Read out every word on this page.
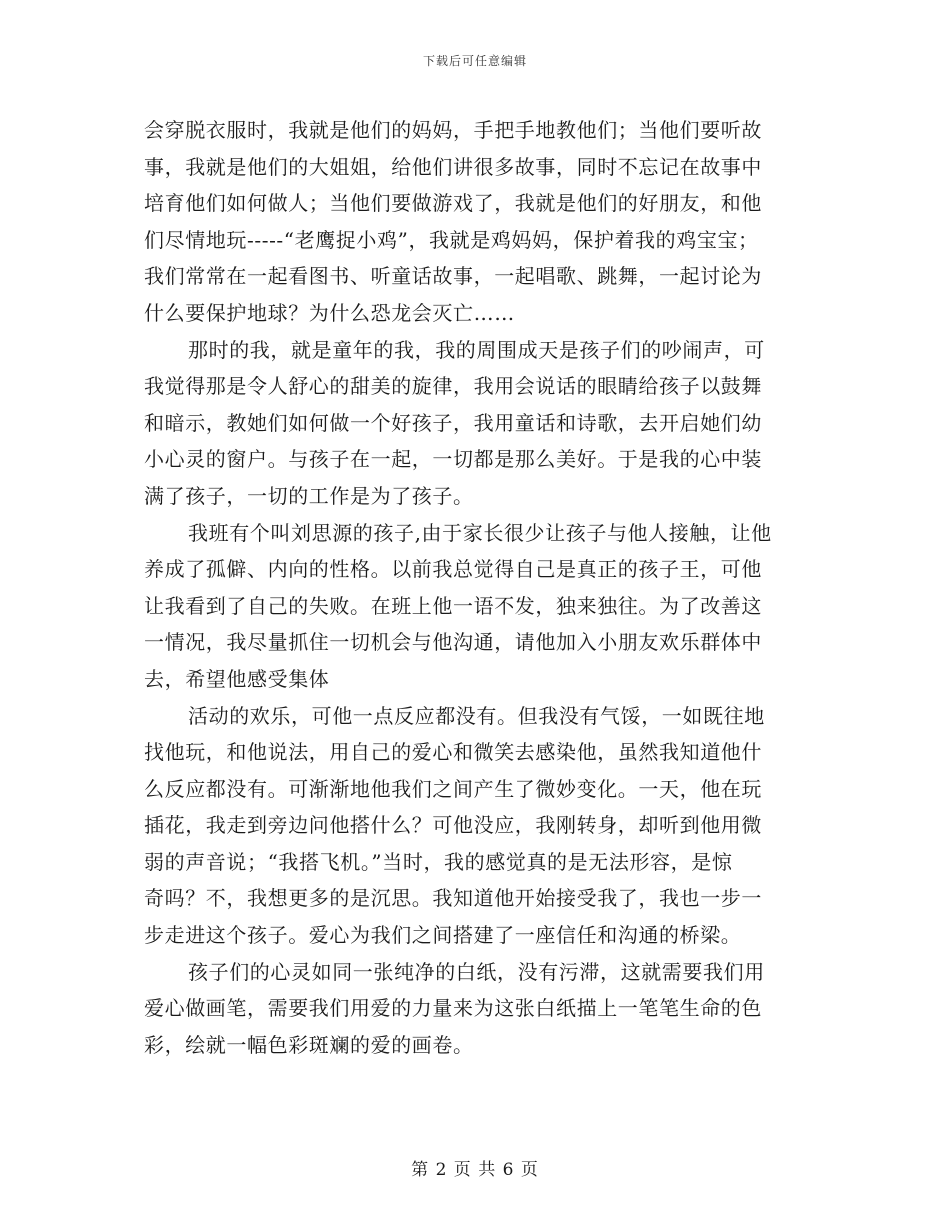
下载后可任意编辑
会穿脱衣服时，我就是他们的妈妈，手把手地教他们；当他们要听故
事，我就是他们的大姐姐，给他们讲很多故事，同时不忘记在故事中
培育他们如何做人；当他们要做游戏了，我就是他们的好朋友，和他
们尽情地玩-----“老鹰捉小鸡”，我就是鸡妈妈，保护着我的鸡宝宝；
我们常常在一起看图书、听童话故事，一起唱歌、跳舞，一起讨论为
什么要保护地球？为什么恐龙会灭亡……
那时的我，就是童年的我，我的周围成天是孩子们的吵闹声，可
我觉得那是令人舒心的甜美的旋律，我用会说话的眼睛给孩子以鼓舞
和暗示，教她们如何做一个好孩子，我用童话和诗歌，去开启她们幼
小心灵的窗户。与孩子在一起，一切都是那么美好。于是我的心中装
满了孩子，一切的工作是为了孩子。
我班有个叫刘思源的孩子,由于家长很少让孩子与他人接触，让他
养成了孤僻、内向的性格。以前我总觉得自己是真正的孩子王，可他
让我看到了自己的失败。在班上他一语不发，独来独往。为了改善这
一情况，我尽量抓住一切机会与他沟通，请他加入小朋友欢乐群体中
去，希望他感受集体
活动的欢乐，可他一点反应都没有。但我没有气馁，一如既往地
找他玩，和他说法，用自己的爱心和微笑去感染他，虽然我知道他什
么反应都没有。可渐渐地他我们之间产生了微妙变化。一天，他在玩
插花，我走到旁边问他搭什么？可他没应，我刚转身，却听到他用微
弱的声音说；“我搭飞机。”当时，我的感觉真的是无法形容，是惊
奇吗？不，我想更多的是沉思。我知道他开始接受我了，我也一步一
步走进这个孩子。爱心为我们之间搭建了一座信任和沟通的桥梁。
孩子们的心灵如同一张纯净的白纸，没有污滞，这就需要我们用
爱心做画笔，需要我们用爱的力量来为这张白纸描上一笔笔生命的色
彩，绘就一幅色彩斑斓的爱的画卷。
第 2 页 共 6 页
